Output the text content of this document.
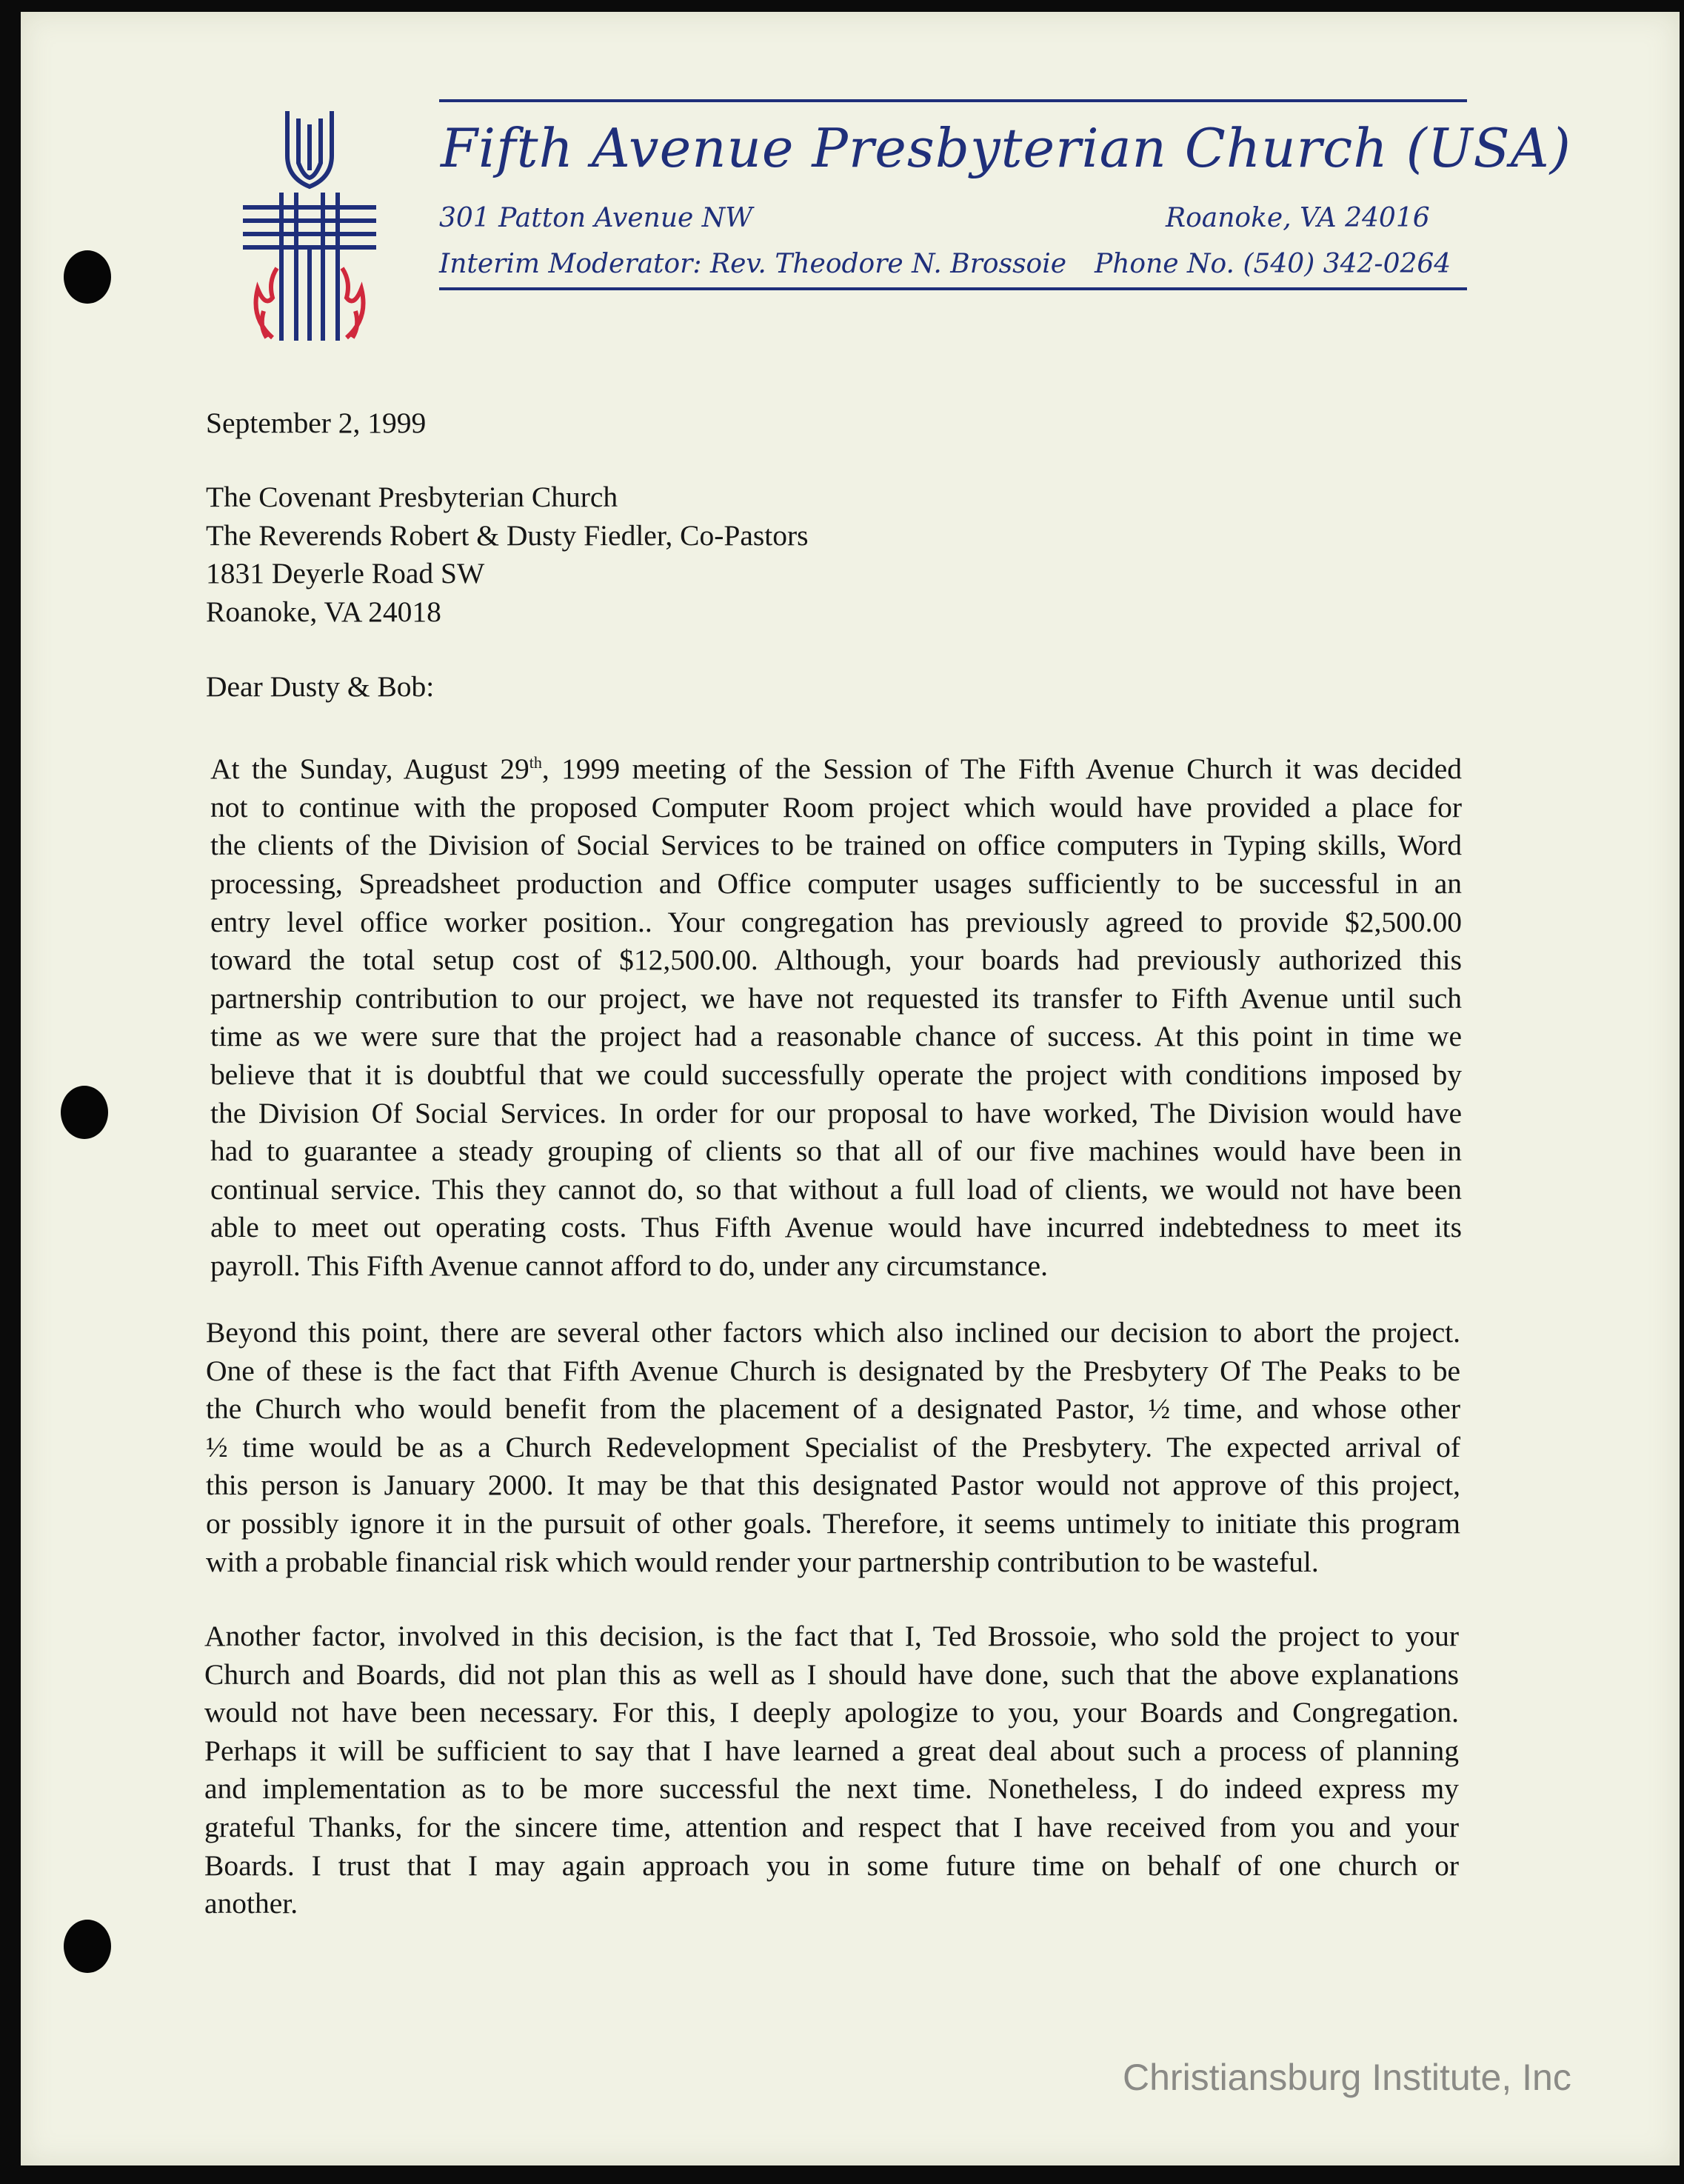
Fifth Avenue Presbyterian Church (USA)
301 Patton Avenue NW	Roanoke, VA 24016
Interim Moderator: Rev. Theodore N. Brossoie Phone No. (540) 342-0264
September 2, 1999
The Covenant Presbyterian Church
The Reverends Robert & Dusty Fiedler, Co-Pastors
1831 Deyerle Road SW
Roanoke, VA 24018
Dear Dusty & Bob:
At the Sunday, August 29th, 1999 meeting of the Session of The Fifth Avenue Church it was decided
not to continue with the proposed Computer Room project which would have provided a place for
the clients of the Division of Social Services to be trained on office computers in Typing skills, Word
processing, Spreadsheet production and Office computer usages sufficiently to be successful in an
entry level office worker position.. Your congregation has previously agreed to provide $2,500.00
toward the total setup cost of $12,500.00. Although, your boards had previously authorized this
partnership contribution to our project, we have not requested its transfer to Fifth Avenue until such
time as we were sure that the project had a reasonable chance of success. At this point in time we
believe that it is doubtful that we could successfully operate the project with conditions imposed by
the Division Of Social Services. In order for our proposal to have worked, The Division would have
had to guarantee a steady grouping of clients so that all of our five machines would have been in
continual service. This they cannot do, so that without a full load of clients, we would not have been
able to meet out operating costs. Thus Fifth Avenue would have incurred indebtedness to meet its
payroll. This Fifth Avenue cannot afford to do, under any circumstance.
Beyond this point, there are several other factors which also inclined our decision to abort the project.
One of these is the fact that Fifth Avenue Church is designated by the Presbytery Of The Peaks to be
the Church who would benefit from the placement of a designated Pastor, ½ time, and whose other
½ time would be as a Church Redevelopment Specialist of the Presbytery. The expected arrival of
this person is January 2000. It may be that this designated Pastor would not approve of this project,
or possibly ignore it in the pursuit of other goals. Therefore, it seems untimely to initiate this program
with a probable financial risk which would render your partnership contribution to be wasteful.
Another factor, involved in this decision, is the fact that I, Ted Brossoie, who sold the project to your
Church and Boards, did not plan this as well as I should have done, such that the above explanations
would not have been necessary. For this, I deeply apologize to you, your Boards and Congregation.
Perhaps it will be sufficient to say that I have learned a great deal about such a process of planning
and implementation as to be more successful the next time. Nonetheless, I do indeed express my
grateful Thanks, for the sincere time, attention and respect that I have received from you and your
Boards. I trust that I may again approach you in some future time on behalf of one church or
another.
Christiansburg Institute, Inc
